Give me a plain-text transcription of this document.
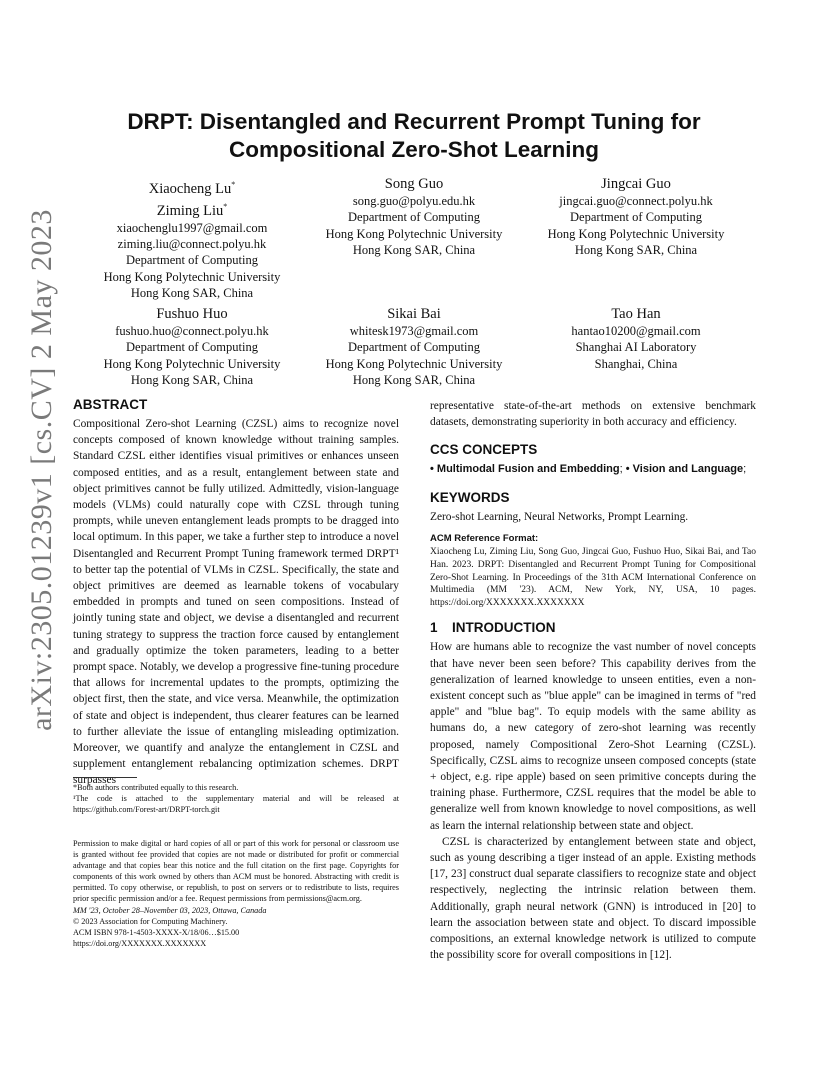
arXiv:2305.01239v1 [cs.CV] 2 May 2023
DRPT: Disentangled and Recurrent Prompt Tuning for
Compositional Zero-Shot Learning
Xiaocheng Lu*
Ziming Liu*
xiaochenglu1997@gmail.com
ziming.liu@connect.polyu.hk
Department of Computing
Hong Kong Polytechnic University
Hong Kong SAR, China
Song Guo
song.guo@polyu.edu.hk
Department of Computing
Hong Kong Polytechnic University
Hong Kong SAR, China
Jingcai Guo
jingcai.guo@connect.polyu.hk
Department of Computing
Hong Kong Polytechnic University
Hong Kong SAR, China
Fushuo Huo
fushuo.huo@connect.polyu.hk
Department of Computing
Hong Kong Polytechnic University
Hong Kong SAR, China
Sikai Bai
whitesk1973@gmail.com
Department of Computing
Hong Kong Polytechnic University
Hong Kong SAR, China
Tao Han
hantao10200@gmail.com
Shanghai AI Laboratory
Shanghai, China
ABSTRACT

Compositional Zero-shot Learning (CZSL) aims to recognize novel concepts composed of known knowledge without training samples. Standard CZSL either identifies visual primitives or enhances unseen composed entities, and as a result, entanglement between state and object primitives cannot be fully utilized. Admittedly, vision-language models (VLMs) could naturally cope with CZSL through tuning prompts, while uneven entanglement leads prompts to be dragged into local optimum. In this paper, we take a further step to introduce a novel Disentangled and Recurrent Prompt Tuning framework termed DRPT¹ to better tap the potential of VLMs in CZSL. Specifically, the state and object primitives are deemed as learnable tokens of vocabulary embedded in prompts and tuned on seen compositions. Instead of jointly tuning state and object, we devise a disentangled and recurrent tuning strategy to suppress the traction force caused by entanglement and gradually optimize the token parameters, leading to a better prompt space. Notably, we develop a progressive fine-tuning procedure that allows for incremental updates to the prompts, optimizing the object first, then the state, and vice versa. Meanwhile, the optimization of state and object is independent, thus clearer features can be learned to further alleviate the issue of entangling misleading optimization. Moreover, we quantify and analyze the entanglement in CZSL and supplement entanglement rebalancing optimization schemes. DRPT surpasses

*Both authors contributed equally to this research.
¹The code is attached to the supplementary material and will be released at https://github.com/Forest-art/DRPT-torch.git
Permission to make digital or hard copies of all or part of this work for personal or classroom use is granted without fee provided that copies are not made or distributed for profit or commercial advantage and that copies bear this notice and the full citation on the first page. Copyrights for components of this work owned by others than ACM must be honored. Abstracting with credit is permitted. To copy otherwise, or republish, to post on servers or to redistribute to lists, requires prior specific permission and/or a fee. Request permissions from permissions@acm.org.
MM '23, October 28–November 03, 2023, Ottawa, Canada
© 2023 Association for Computing Machinery.
ACM ISBN 978-1-4503-XXXX-X/18/06…$15.00
https://doi.org/XXXXXXX.XXXXXXX

representative state-of-the-art methods on extensive benchmark datasets, demonstrating superiority in both accuracy and efficiency.

CCS CONCEPTS

• Multimodal Fusion and Embedding; • Vision and Language;

KEYWORDS

Zero-shot Learning, Neural Networks, Prompt Learning.

ACM Reference Format:

Xiaocheng Lu, Ziming Liu, Song Guo, Jingcai Guo, Fushuo Huo, Sikai Bai, and Tao Han. 2023. DRPT: Disentangled and Recurrent Prompt Tuning for Compositional Zero-Shot Learning. In Proceedings of the 31th ACM International Conference on Multimedia (MM '23). ACM, New York, NY, USA, 10 pages. https://doi.org/XXXXXXX.XXXXXXX

1 INTRODUCTION

How are humans able to recognize the vast number of novel concepts that have never been seen before? This capability derives from the generalization of learned knowledge to unseen entities, even a non-existent concept such as "blue apple" can be imagined in terms of "red apple" and "blue bag". To equip models with the same ability as humans do, a new category of zero-shot learning was recently proposed, namely Compositional Zero-Shot Learning (CZSL). Specifically, CZSL aims to recognize unseen composed concepts (state + object, e.g. ripe apple) based on seen primitive concepts during the training phase. Furthermore, CZSL requires that the model be able to generalize well from known knowledge to novel compositions, as well as learn the internal relationship between state and object.

CZSL is characterized by entanglement between state and object, such as young describing a tiger instead of an apple. Existing methods [17, 23] construct dual separate classifiers to recognize state and object respectively, neglecting the intrinsic relation between them. Additionally, graph neural network (GNN) is introduced in [20] to learn the association between state and object. To discard impossible compositions, an external knowledge network is utilized to compute the possibility score for overall compositions in [12].
